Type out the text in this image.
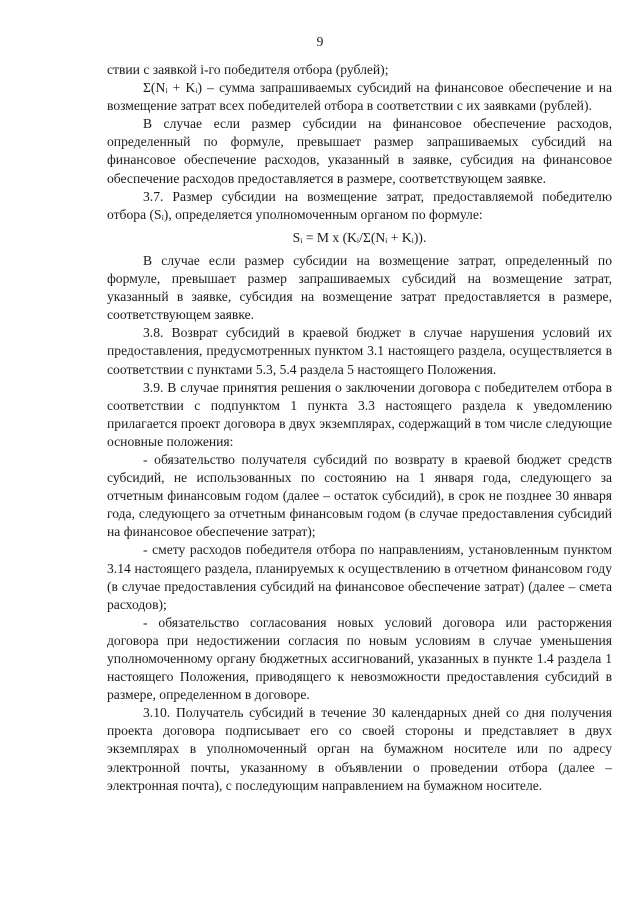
9

ствии с заявкой i-го победителя отбора (рублей);

Σ(Nᵢ + Kᵢ) – сумма запрашиваемых субсидий на финансовое обеспечение и на возмещение затрат всех победителей отбора в соответствии с их заявками (рублей).

В случае если размер субсидии на финансовое обеспечение расходов, определенный по формуле, превышает размер запрашиваемых субсидий на финансовое обеспечение расходов, указанный в заявке, субсидия на финансовое обеспечение расходов предоставляется в размере, соответствующем заявке.

3.7. Размер субсидии на возмещение затрат, предоставляемой победителю отбора (Sᵢ), определяется уполномоченным органом по формуле:

Sᵢ = M x (Kᵢ/Σ(Nᵢ + Kᵢ)).

В случае если размер субсидии на возмещение затрат, определенный по формуле, превышает размер запрашиваемых субсидий на возмещение затрат, указанный в заявке, субсидия на возмещение затрат предоставляется в размере, соответствующем заявке.

3.8. Возврат субсидий в краевой бюджет в случае нарушения условий их предоставления, предусмотренных пунктом 3.1 настоящего раздела, осуществляется в соответствии с пунктами 5.3, 5.4 раздела 5 настоящего Положения.

3.9. В случае принятия решения о заключении договора с победителем отбора в соответствии с подпунктом 1 пункта 3.3 настоящего раздела к уведомлению прилагается проект договора в двух экземплярах, содержащий в том числе следующие основные положения:

- обязательство получателя субсидий по возврату в краевой бюджет средств субсидий, не использованных по состоянию на 1 января года, следующего за отчетным финансовым годом (далее – остаток субсидий), в срок не позднее 30 января года, следующего за отчетным финансовым годом (в случае предоставления субсидий на финансовое обеспечение затрат);

- смету расходов победителя отбора по направлениям, установленным пунктом 3.14 настоящего раздела, планируемых к осуществлению в отчетном финансовом году (в случае предоставления субсидий на финансовое обеспечение затрат) (далее – смета расходов);

- обязательство согласования новых условий договора или расторжения договора при недостижении согласия по новым условиям в случае уменьшения уполномоченному органу бюджетных ассигнований, указанных в пункте 1.4 раздела 1 настоящего Положения, приводящего к невозможности предоставления субсидий в размере, определенном в договоре.

3.10. Получатель субсидий в течение 30 календарных дней со дня получения проекта договора подписывает его со своей стороны и представляет в двух экземплярах в уполномоченный орган на бумажном носителе или по адресу электронной почты, указанному в объявлении о проведении отбора (далее – электронная почта), с последующим направлением на бумажном носителе.
